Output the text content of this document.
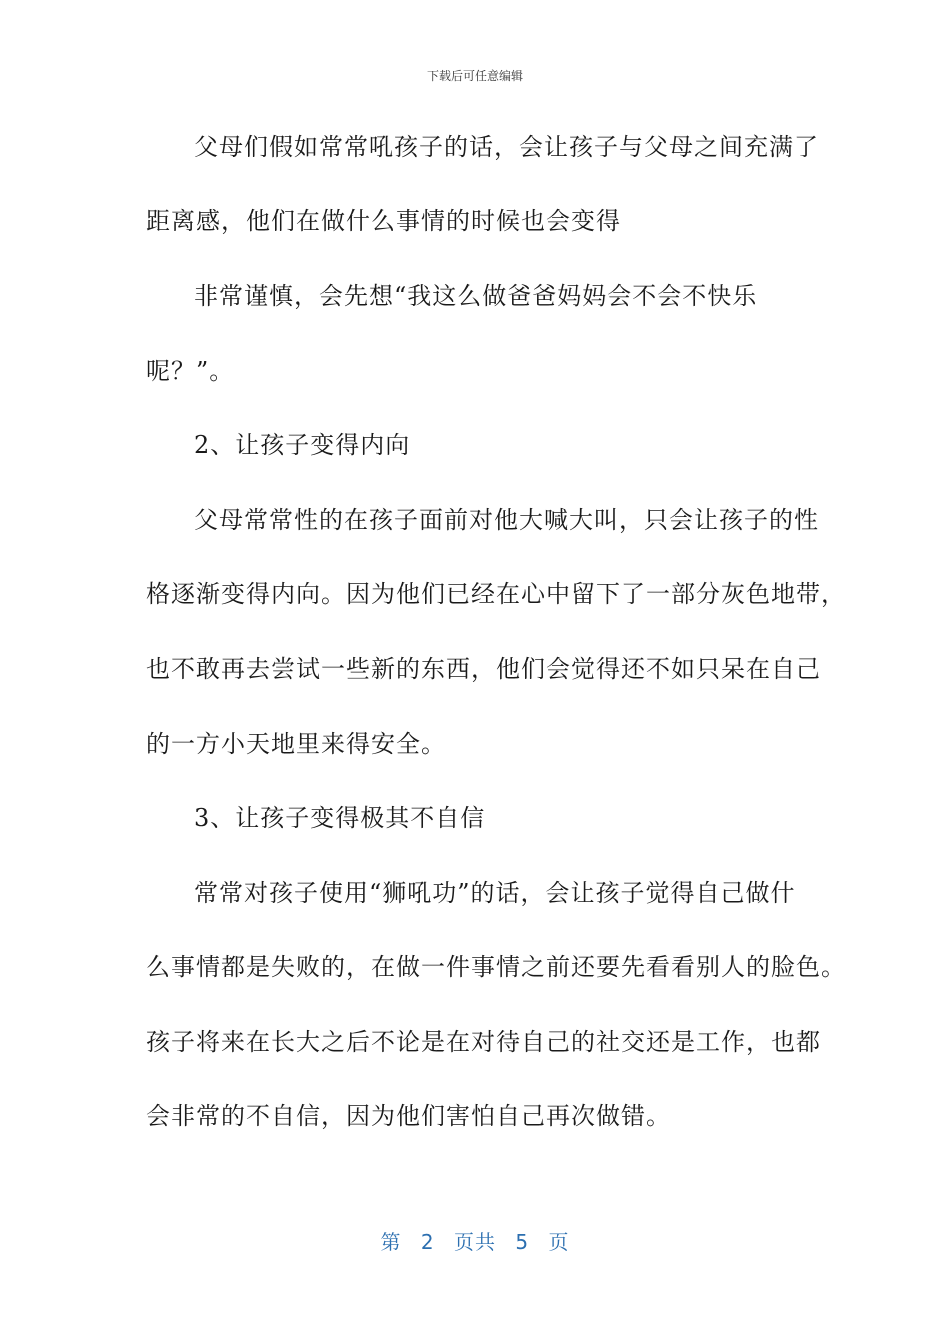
下载后可任意编辑
父母们假如常常吼孩子的话，会让孩子与父母之间充满了
距离感，他们在做什么事情的时候也会变得
非常谨慎，会先想“我这么做爸爸妈妈会不会不快乐
呢？”。
2、让孩子变得内向
父母常常性的在孩子面前对他大喊大叫，只会让孩子的性
格逐渐变得内向。因为他们已经在心中留下了一部分灰色地带，
也不敢再去尝试一些新的东西，他们会觉得还不如只呆在自己
的一方小天地里来得安全。
3、让孩子变得极其不自信
常常对孩子使用“狮吼功”的话，会让孩子觉得自己做什
么事情都是失败的，在做一件事情之前还要先看看别人的脸色。
孩子将来在长大之后不论是在对待自己的社交还是工作，也都
会非常的不自信，因为他们害怕自己再次做错。
第 2 页共 5 页
